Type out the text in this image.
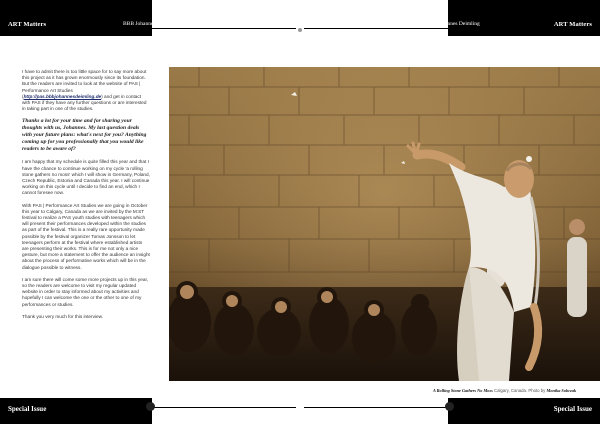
ART Matters	BBB Johannes Deimling	BBB Johannes Deimling	ART Matters

I have to admit there is too little space for to say more about this project as it has grown enormously since its foundation. But the readers are invited to look at the website of PAS | Performance Art Studies (http://pas.bbbjohannesdeimling.de) and get in contact with PAS if they have any further questions or are interested in taking part in one of the studies.

Thanks a lot for your time and for sharing your thoughts with us, Johannes. My last question deals with your future plans: what's next for you? Anything coming up for you professionally that you would like readers to be aware of?

I am happy that my schedule is quite filled this year and that I have the chance to continue working on my cycle 'a rolling stone gathers no moss' which I will show in Germany, Poland, Czech Republic, Estonia and Canada this year. I will continue working on this cycle until I decide to find an end, which I cannot foresee now.

With PAS | Performance Art Studies we are going in October this year to Calgary, Canada as we are invited by the M:ST festival to realize a PAS youth studies with teenagers which will present their performances developed within the studies as part of the festival. This is a really rare opportunity made possible by the festival organizer Tomas Jonsson to let teenagers perform at the festival where established artists are presenting their works. This is for me not only a nice gesture, but more a statement to offer the audience an insight about the process of performative works which will be in the dialogue possible to witness.

I am sure there will come some more projects up in this year, so the readers are welcome to visit my regular updated website in order to stay informed about my activities and hopefully I can welcome the one or the other to one of my performances or studies.

Thank you very much for this interview.

A Rolling Stone Gathers No Moss Calgary, Canada. Photo by Monika Sobczak
Special Issue	Special Issue
